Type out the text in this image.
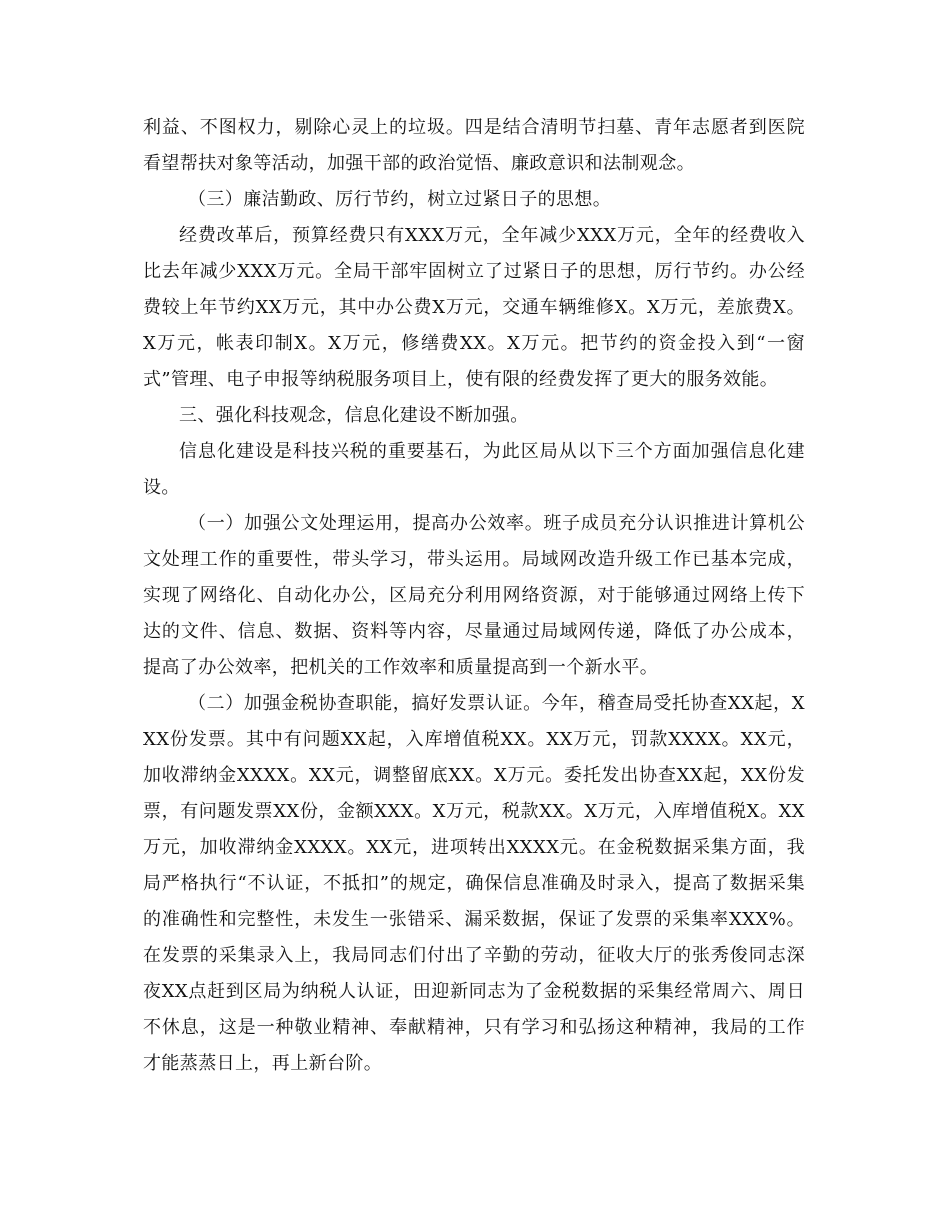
利益、不图权力，剔除心灵上的垃圾。四是结合清明节扫墓、青年志愿者到医院看望帮扶对象等活动，加强干部的政治觉悟、廉政意识和法制观念。

（三）廉洁勤政、厉行节约，树立过紧日子的思想。

经费改革后，预算经费只有XXX万元，全年减少XXX万元，全年的经费收入比去年减少XXX万元。全局干部牢固树立了过紧日子的思想，厉行节约。办公经费较上年节约XX万元，其中办公费X万元，交通车辆维修X。X万元，差旅费X。X万元，帐表印制X。X万元，修缮费XX。X万元。把节约的资金投入到“一窗式”管理、电子申报等纳税服务项目上，使有限的经费发挥了更大的服务效能。

三、强化科技观念，信息化建设不断加强。

信息化建设是科技兴税的重要基石，为此区局从以下三个方面加强信息化建设。

（一）加强公文处理运用，提高办公效率。班子成员充分认识推进计算机公文处理工作的重要性，带头学习，带头运用。局域网改造升级工作已基本完成，实现了网络化、自动化办公，区局充分利用网络资源，对于能够通过网络上传下达的文件、信息、数据、资料等内容，尽量通过局域网传递，降低了办公成本，提高了办公效率，把机关的工作效率和质量提高到一个新水平。

（二）加强金税协查职能，搞好发票认证。今年，稽查局受托协查XX起，XXX份发票。其中有问题XX起，入库增值税XX。XX万元，罚款XXXX。XX元，加收滞纳金XXXX。XX元，调整留底XX。X万元。委托发出协查XX起，XX份发票，有问题发票XX份，金额XXX。X万元，税款XX。X万元，入库增值税X。XX万元，加收滞纳金XXXX。XX元，进项转出XXXX元。在金税数据采集方面，我局严格执行“不认证，不抵扣”的规定，确保信息准确及时录入，提高了数据采集的准确性和完整性，未发生一张错采、漏采数据，保证了发票的采集率XXX%。在发票的采集录入上，我局同志们付出了辛勤的劳动，征收大厅的张秀俊同志深夜XX点赶到区局为纳税人认证，田迎新同志为了金税数据的采集经常周六、周日不休息，这是一种敬业精神、奉献精神，只有学习和弘扬这种精神，我局的工作才能蒸蒸日上，再上新台阶。
